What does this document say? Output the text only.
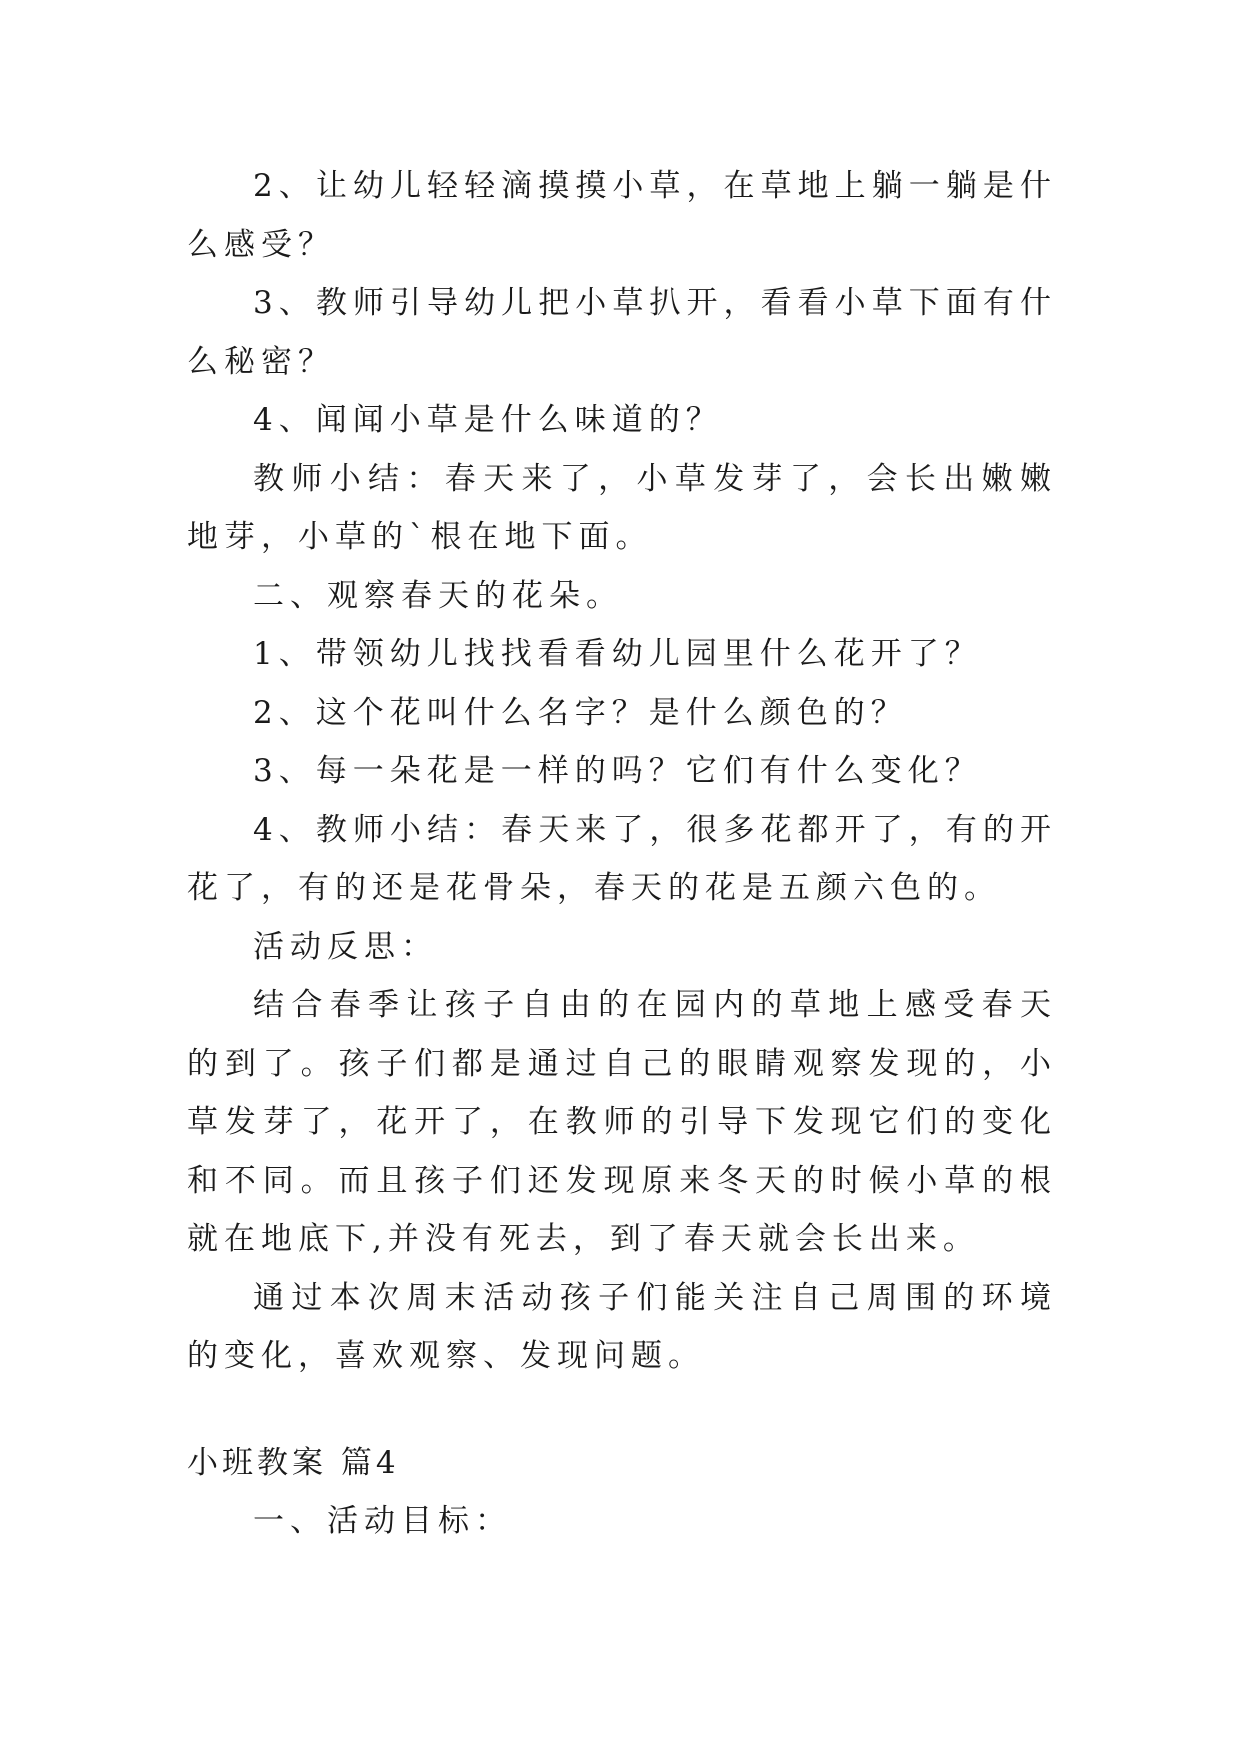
2、让幼儿轻轻滴摸摸小草，在草地上躺一躺是什么感受？

3、教师引导幼儿把小草扒开，看看小草下面有什么秘密？

4、闻闻小草是什么味道的？

教师小结：春天来了，小草发芽了，会长出嫩嫩地芽，小草的`根在地下面。

二、观察春天的花朵。

1、带领幼儿找找看看幼儿园里什么花开了？

2、这个花叫什么名字？是什么颜色的？

3、每一朵花是一样的吗？它们有什么变化？

4、教师小结：春天来了，很多花都开了，有的开花了，有的还是花骨朵，春天的花是五颜六色的。

活动反思：

结合春季让孩子自由的在园内的草地上感受春天的到了。孩子们都是通过自己的眼睛观察发现的，小草发芽了，花开了，在教师的引导下发现它们的变化和不同。而且孩子们还发现原来冬天的时候小草的根就在地底下,并没有死去，到了春天就会长出来。

通过本次周末活动孩子们能关注自己周围的环境的变化，喜欢观察、发现问题。

小班教案 篇4

一、活动目标：
